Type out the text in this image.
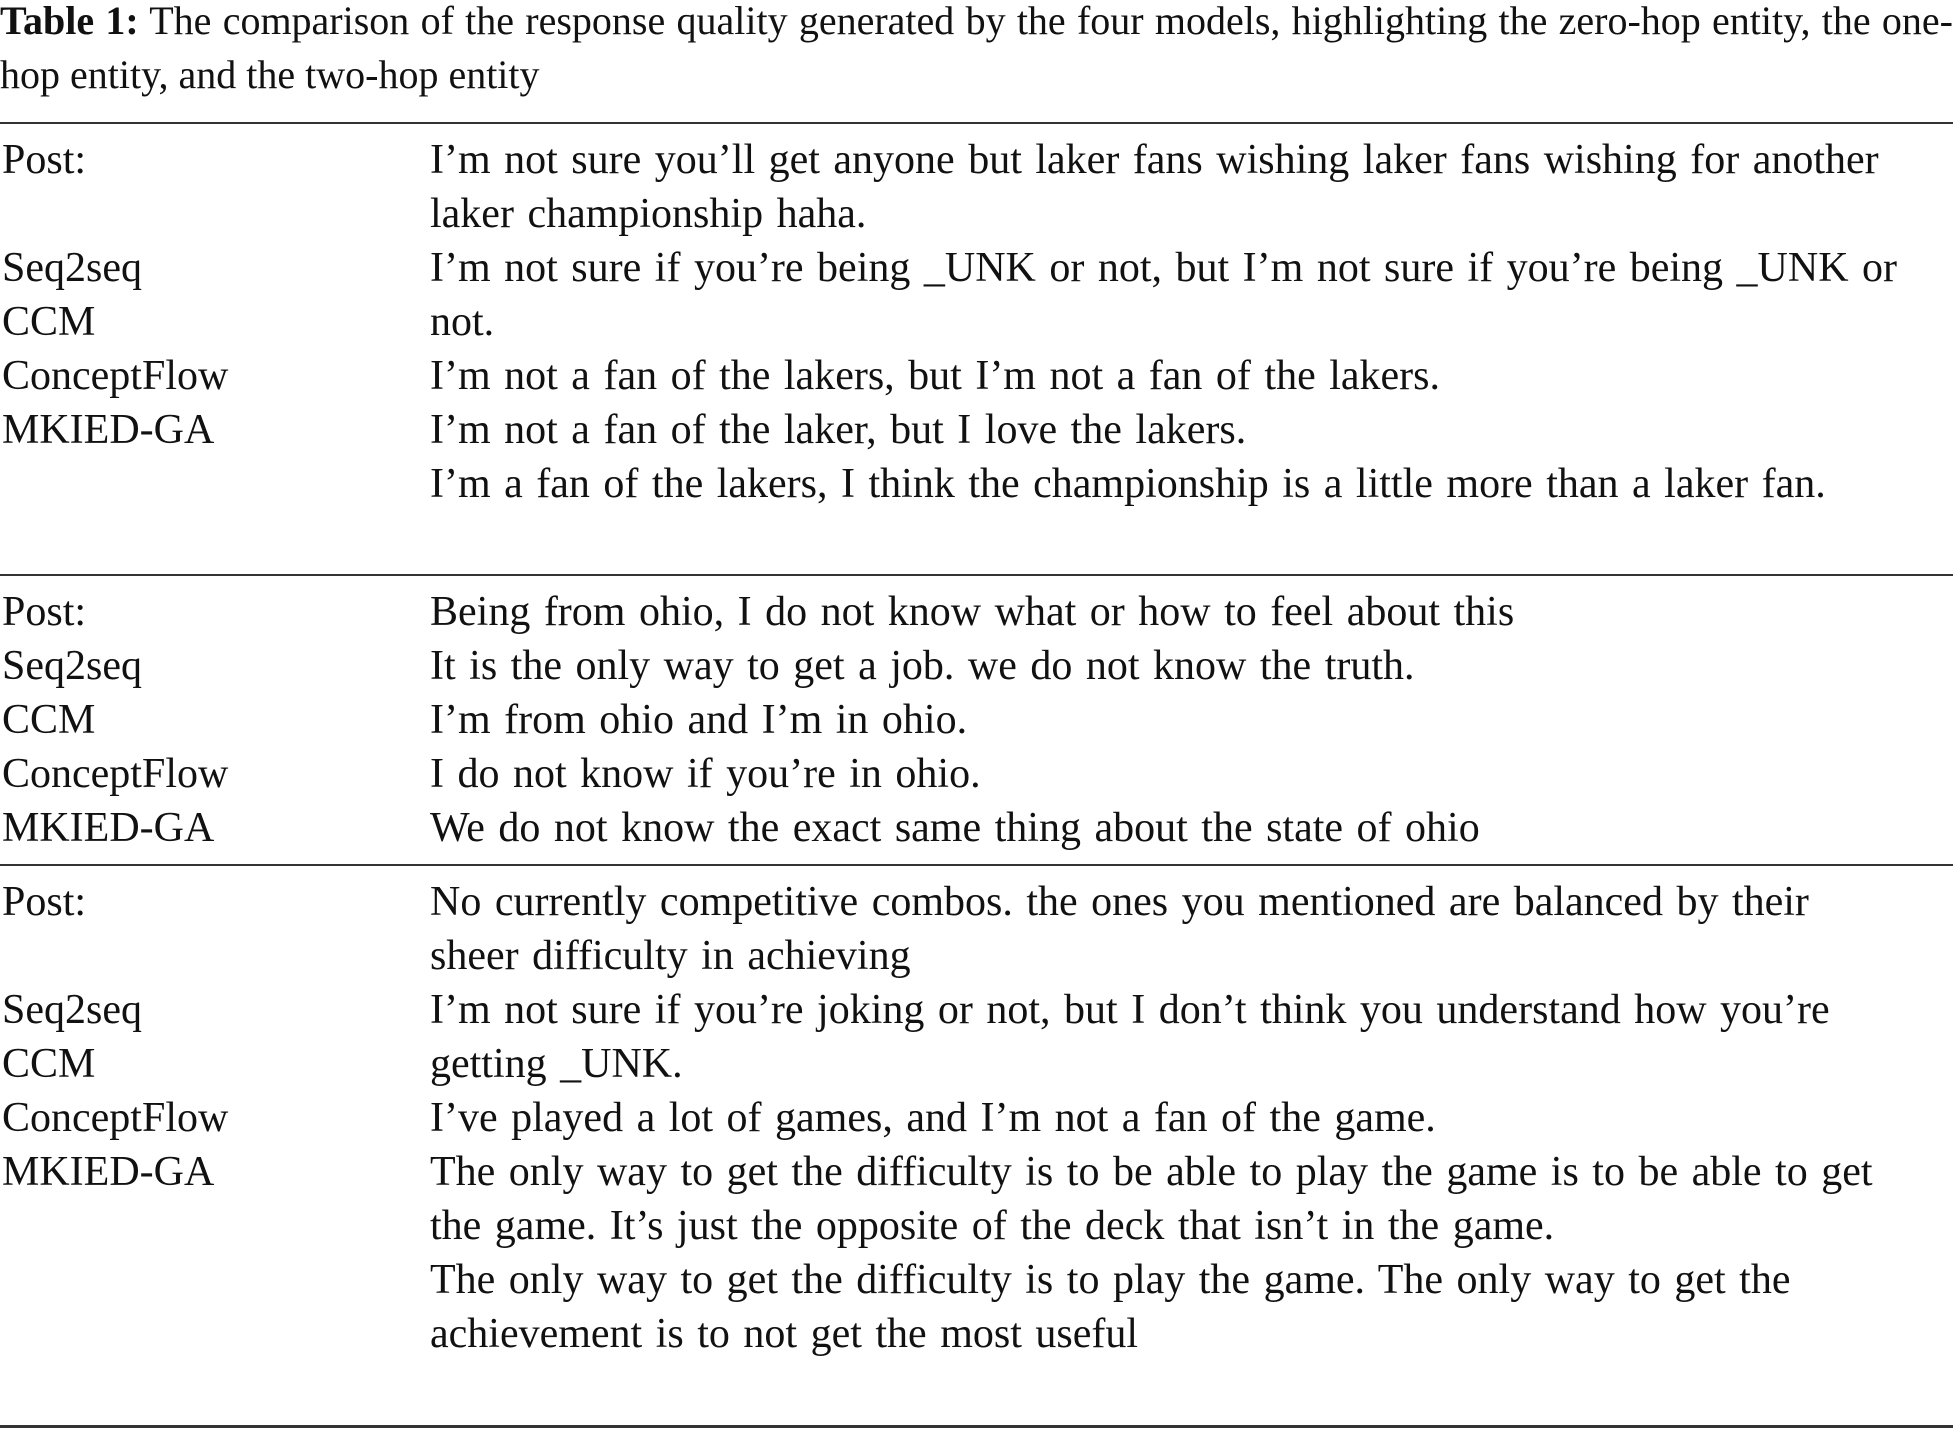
Table 1: The comparison of the response quality generated by the four models, highlighting the zero-hop entity, the one-hop entity, and the two-hop entity
Post:
Seq2seq
CCM
ConceptFlow
MKIED-GA
I’m not sure you’ll get anyone but laker fans wishing laker fans wishing for another laker championship haha.
I’m not sure if you’re being _UNK or not, but I’m not sure if you’re being _UNK or not.
I’m not a fan of the lakers, but I’m not a fan of the lakers.
I’m not a fan of the laker, but I love the lakers.
I’m a fan of the lakers, I think the championship is a little more than a laker fan.
Post:
Seq2seq
CCM
ConceptFlow
MKIED-GA
Being from ohio, I do not know what or how to feel about this
It is the only way to get a job. we do not know the truth.
I’m from ohio and I’m in ohio.
I do not know if you’re in ohio.
We do not know the exact same thing about the state of ohio
Post:
Seq2seq
CCM
ConceptFlow
MKIED-GA
No currently competitive combos. the ones you mentioned are balanced by their sheer difficulty in achieving
I’m not sure if you’re joking or not, but I don’t think you understand how you’re getting _UNK.
I’ve played a lot of games, and I’m not a fan of the game.
The only way to get the difficulty is to be able to play the game is to be able to get the game. It’s just the opposite of the deck that isn’t in the game.
The only way to get the difficulty is to play the game. The only way to get the achievement is to not get the most useful
